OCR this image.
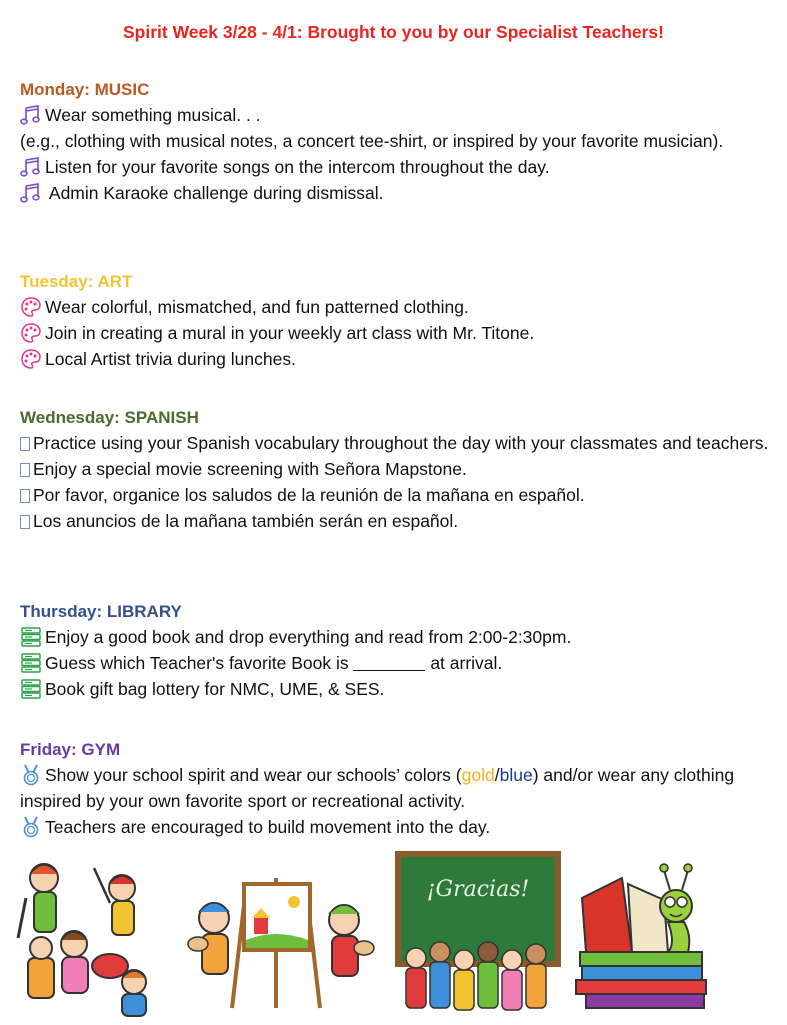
Spirit Week 3/28 - 4/1: Brought to you by our Specialist Teachers!
Monday: MUSIC
Wear something musical. . .
(e.g., clothing with musical notes, a concert tee-shirt, or inspired by your favorite musician).
Listen for your favorite songs on the intercom throughout the day.
Admin Karaoke challenge during dismissal.
Tuesday: ART
Wear colorful, mismatched, and fun patterned clothing.
Join in creating a mural in your weekly art class with Mr. Titone.
Local Artist trivia during lunches.
Wednesday: SPANISH
Practice using your Spanish vocabulary throughout the day with your classmates and teachers.
Enjoy a special movie screening with Señora Mapstone.
Por favor, organice los saludos de la reunión de la mañana en español.
Los anuncios de la mañana también serán en español.
Thursday: LIBRARY
Enjoy a good book and drop everything and read from 2:00-2:30pm.
Guess which Teacher's favorite Book is	at arrival.
Book gift bag lottery for NMC, UME, & SES.
Friday: GYM
Show your school spirit and wear our schools’ colors (gold/blue) and/or wear any clothing inspired by your own favorite sport or recreational activity.
Teachers are encouraged to build movement into the day.
¡Gracias!
